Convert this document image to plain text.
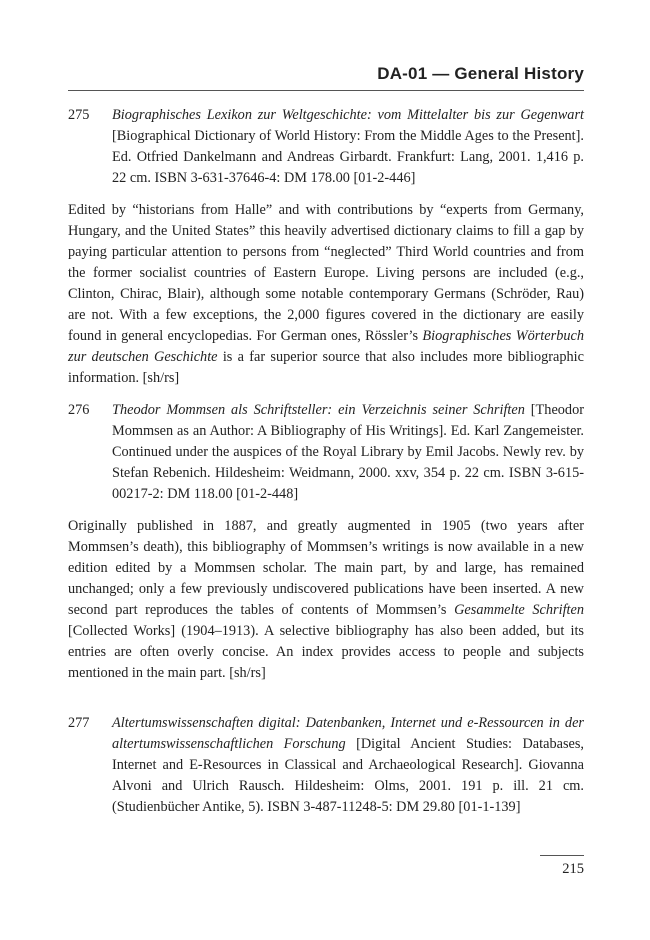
DA-01 — General History
275	Biographisches Lexikon zur Weltgeschichte: vom Mittelalter bis zur Gegenwart [Biographical Dictionary of World History: From the Middle Ages to the Present]. Ed. Otfried Dankelmann and Andreas Girbardt. Frankfurt: Lang, 2001. 1,416 p. 22 cm. ISBN 3-631-37646-4: DM 178.00 [01-2-446]
Edited by “historians from Halle” and with contributions by “experts from Germany, Hungary, and the United States” this heavily advertised dictionary claims to fill a gap by paying particular attention to persons from “neglected” Third World countries and from the former socialist countries of Eastern Europe. Living persons are included (e.g., Clinton, Chirac, Blair), although some notable contemporary Germans (Schröder, Rau) are not. With a few exceptions, the 2,000 figures covered in the dictionary are easily found in general encyclopedias. For German ones, Rössler’s Biographisches Wörterbuch zur deutschen Geschichte is a far superior source that also includes more bibliographic information. [sh/rs]
276	Theodor Mommsen als Schriftsteller: ein Verzeichnis seiner Schriften [Theodor Mommsen as an Author: A Bibliography of His Writings]. Ed. Karl Zangemeister. Continued under the auspices of the Royal Library by Emil Jacobs. Newly rev. by Stefan Rebenich. Hildesheim: Weidmann, 2000. xxv, 354 p. 22 cm. ISBN 3-615-00217-2: DM 118.00 [01-2-448]
Originally published in 1887, and greatly augmented in 1905 (two years after Mommsen’s death), this bibliography of Mommsen’s writings is now available in a new edition edited by a Mommsen scholar. The main part, by and large, has remained unchanged; only a few previously undiscovered publications have been inserted. A new second part reproduces the tables of contents of Mommsen’s Gesammelte Schriften [Collected Works] (1904–1913). A selective bibliography has also been added, but its entries are often overly concise. An index provides access to people and subjects mentioned in the main part. [sh/rs]
277	Altertumswissenschaften digital: Datenbanken, Internet und e-Ressourcen in der altertumswissenschaftlichen Forschung [Digital Ancient Studies: Databases, Internet and E-Resources in Classical and Archaeological Research]. Giovanna Alvoni and Ulrich Rausch. Hildesheim: Olms, 2001. 191 p. ill. 21 cm. (Studienbücher Antike, 5). ISBN 3-487-11248-5: DM 29.80 [01-1-139]
215
